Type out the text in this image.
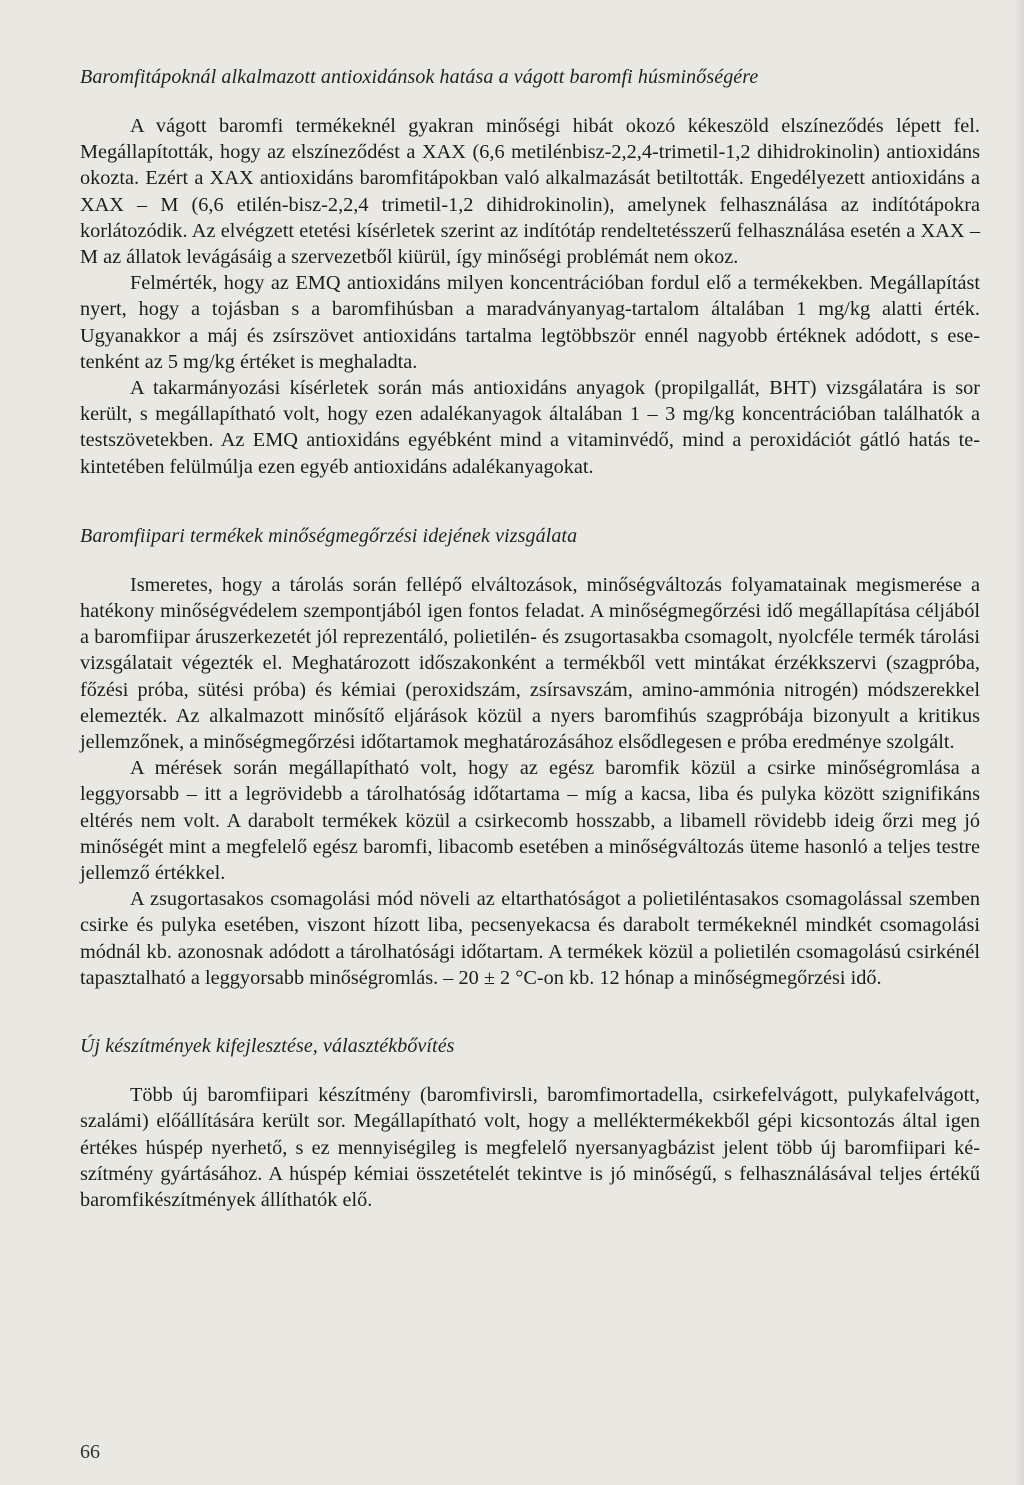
Baromfitápoknál alkalmazott antioxidánsok hatása a vágott baromfi húsminőségére

A vágott baromfi termékeknél gyakran minőségi hibát okozó kékeszöld elszíneződés lépett fel. Megállapították, hogy az elszíneződést a XAX (6,6 metilénbisz-2,2,4-trimetil-1,2 dihidrokinolin) antioxidáns okozta. Ezért a XAX antioxidáns baromfitápokban való alkalmazását betiltották. Engedélyezett antioxidáns a XAX – M (6,6 etilén-bisz-2,2,4 trimetil-1,2 dihidrokinolin), amelynek felhasználása az indítótápokra korlátozódik. Az elvégzett etetési kísérletek szerint az indítótáp rendeltetésszerű felhasználása esetén a XAX – M az állatok levágásáig a szervezetből kiürül, így minőségi problémát nem okoz.

Felmérték, hogy az EMQ antioxidáns milyen koncentrációban fordul elő a termékekben. Megállapítást nyert, hogy a tojásban s a baromfihúsban a maradványanyag-tartalom általában 1 mg/kg alatti érték. Ugyanakkor a máj és zsírszövet antioxidáns tartalma legtöbbször ennél nagyobb értéknek adódott, s esetenként az 5 mg/kg értéket is meghaladta.

A takarmányozási kísérletek során más antioxidáns anyagok (propilgallát, BHT) vizsgálatára is sor került, s megállapítható volt, hogy ezen adalékanyagok általában 1 – 3 mg/kg koncentrációban találhatók a testszövetekben. Az EMQ antioxidáns egyébként mind a vitaminvédő, mind a peroxidációt gátló hatás tekintetében felülmúlja ezen egyéb antioxidáns adalékanyagokat.

Baromfiipari termékek minőségmegőrzési idejének vizsgálata

Ismeretes, hogy a tárolás során fellépő elváltozások, minőségváltozás folyamatainak megismerése a hatékony minőségvédelem szempontjából igen fontos feladat. A minőségmegőrzési idő megállapítása céljából a baromfiipar áruszerkezetét jól reprezentáló, polietilén- és zsugortasakba csomagolt, nyolcféle termék tárolási vizsgálatait végezték el. Meghatározott időszakonként a termékből vett mintákat érzékkszervi (szagpróba, főzési próba, sütési próba) és kémiai (peroxidszám, zsírsavszám, amino-ammónia nitrogén) módszerekkel elemezték. Az alkalmazott minősítő eljárások közül a nyers baromfihús szagpróbája bizonyult a kritikus jellemzőnek, a minőségmegőrzési időtartamok meghatározásához elsődlegesen e próba eredménye szolgált.

A mérések során megállapítható volt, hogy az egész baromfik közül a csirke minőségromlása a leggyorsabb – itt a legrövidebb a tárolhatóság időtartama – míg a kacsa, liba és pulyka között szignifikáns eltérés nem volt. A darabolt termékek közül a csirkecomb hosszabb, a libamell rövidebb ideig őrzi meg jó minőségét mint a megfelelő egész baromfi, libacomb esetében a minőségváltozás üteme hasonló a teljes testre jellemző értékkel.

A zsugortasakos csomagolási mód növeli az eltarthatóságot a polietiléntasakos csomagolással szemben csirke és pulyka esetében, viszont hízott liba, pecsenyekacsa és darabolt termékeknél mindkét csomagolási módnál kb. azonosnak adódott a tárolhatósági időtartam. A termékek közül a polietilén csomagolású csirkénél tapasztalható a leggyorsabb minőségromlás. – 20 ± 2 °C-on kb. 12 hónap a minőségmegőrzési idő.

Új készítmények kifejlesztése, választékbővítés

Több új baromfiipari készítmény (baromfivirsli, baromfimortadella, csirkefelvágott, pulykafelvágott, szalámi) előállítására került sor. Megállapítható volt, hogy a melléktermékekből gépi kicsontozás által igen értékes húspép nyerhető, s ez mennyiségileg is megfelelő nyersanyagbázist jelent több új baromfiipari készítmény gyártásához. A húspép kémiai összetételét tekintve is jó minőségű, s felhasználásával teljes értékű baromfikészítmények állíthatók elő.

66
